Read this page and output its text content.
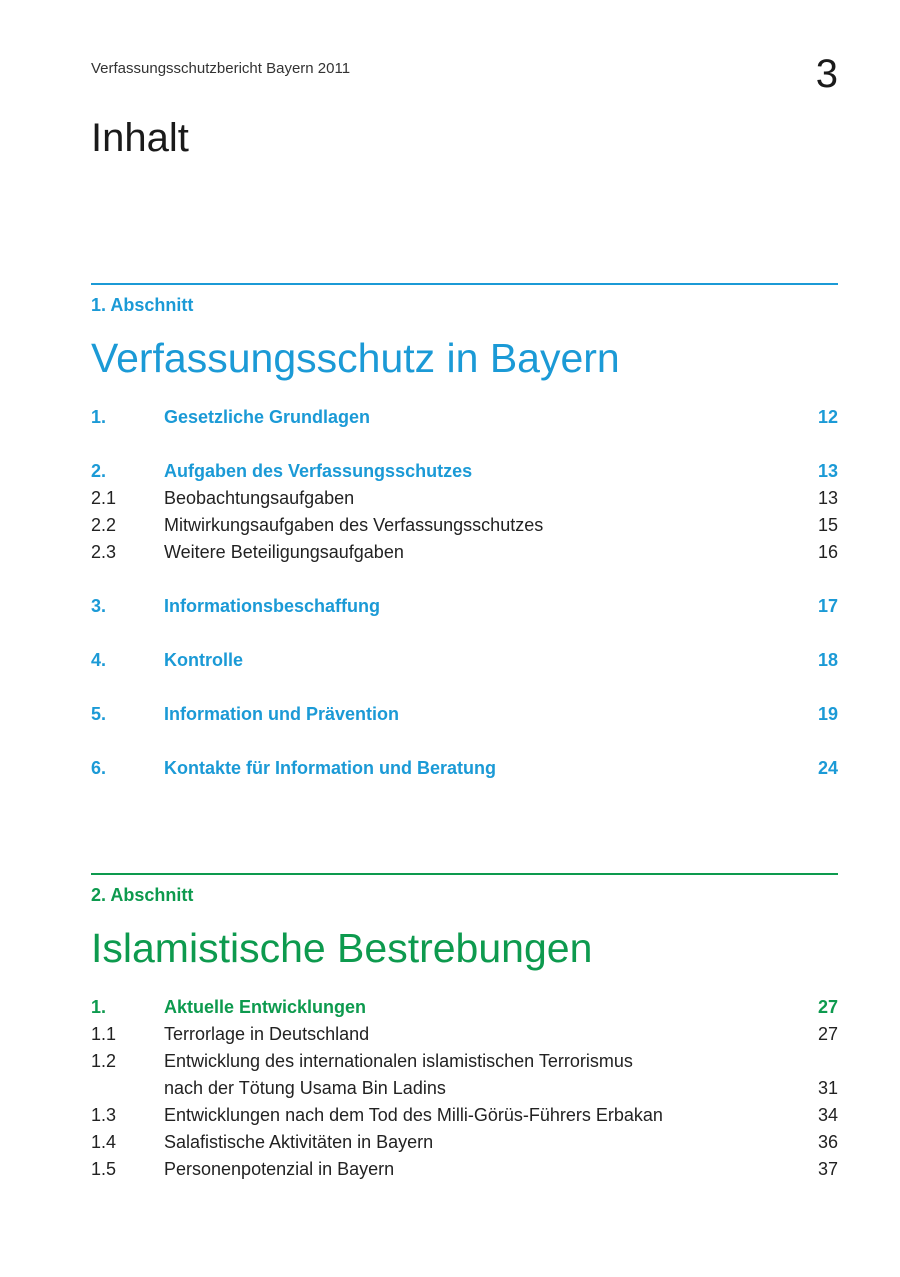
Verfassungsschutzbericht Bayern 2011	3
Inhalt
1. Abschnitt
Verfassungsschutz in Bayern
1.	Gesetzliche Grundlagen	12
2.	Aufgaben des Verfassungsschutzes	13
2.1	Beobachtungsaufgaben	13
2.2	Mitwirkungsaufgaben des Verfassungsschutzes	15
2.3	Weitere Beteiligungsaufgaben	16
3.	Informationsbeschaffung	17
4.	Kontrolle	18
5.	Information und Prävention	19
6.	Kontakte für Information und Beratung	24
2. Abschnitt
Islamistische Bestrebungen
1.	Aktuelle Entwicklungen	27
1.1	Terrorlage in Deutschland	27
1.2	Entwicklung des internationalen islamistischen Terrorismus
nach der Tötung Usama Bin Ladins	31
1.3	Entwicklungen nach dem Tod des Milli-Görüs-Führers Erbakan	34
1.4	Salafistische Aktivitäten in Bayern	36
1.5	Personenpotenzial in Bayern	37
